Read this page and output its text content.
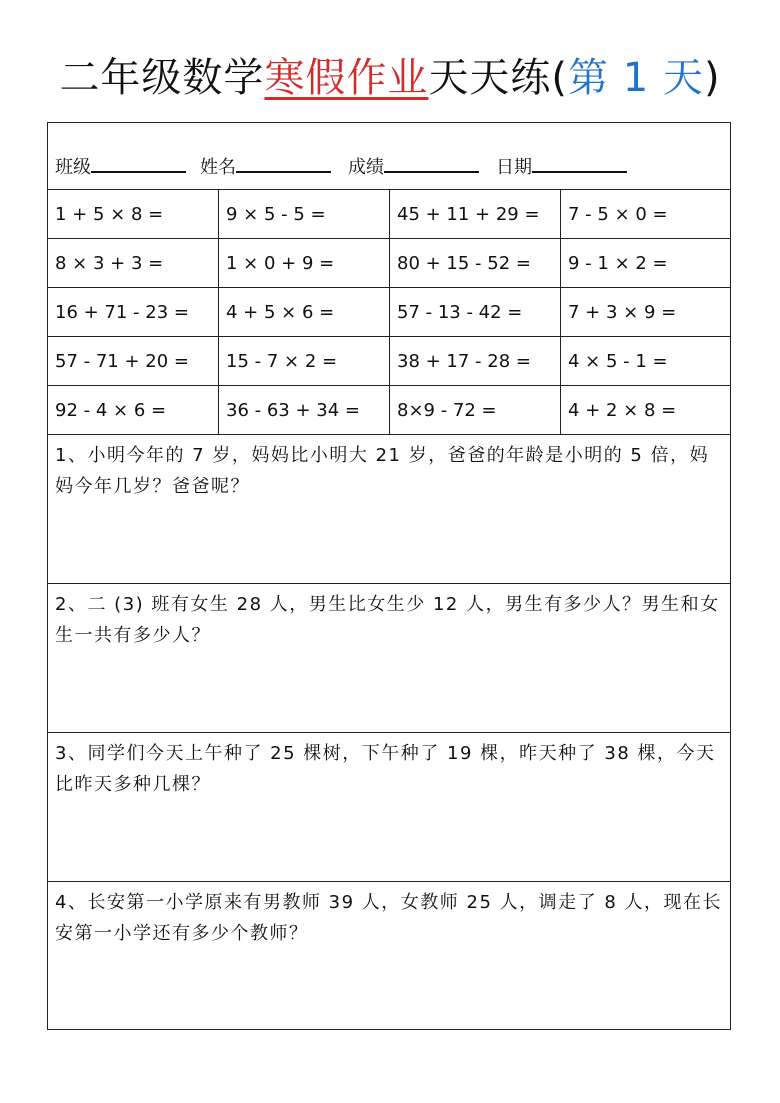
二年级数学寒假作业天天练(第 1 天)
班级	姓名	成绩	日期
1 + 5 × 8 =	9 × 5 - 5 =	45 + 11 + 29 =	7 - 5 × 0 =
8 × 3 + 3 =	1 × 0 + 9 =	80 + 15 - 52 =	9 - 1 × 2 =
16 + 71 - 23 =	4 + 5 × 6 =	57 - 13 - 42 =	7 + 3 × 9 =
57 - 71 + 20 =	15 - 7 × 2 =	38 + 17 - 28 =	4 × 5 - 1 =
92 - 4 × 6 =	36 - 63 + 34 =	8×9 - 72 =	4 + 2 × 8 =
1、小明今年的 7 岁，妈妈比小明大 21 岁，爸爸的年龄是小明的 5 倍，妈妈今年几岁？爸爸呢？
2、二 (3) 班有女生 28 人，男生比女生少 12 人，男生有多少人？男生和女生一共有多少人？
3、同学们今天上午种了 25 棵树，下午种了 19 棵，昨天种了 38 棵，今天比昨天多种几棵？
4、长安第一小学原来有男教师 39 人，女教师 25 人，调走了 8 人，现在长安第一小学还有多少个教师？
